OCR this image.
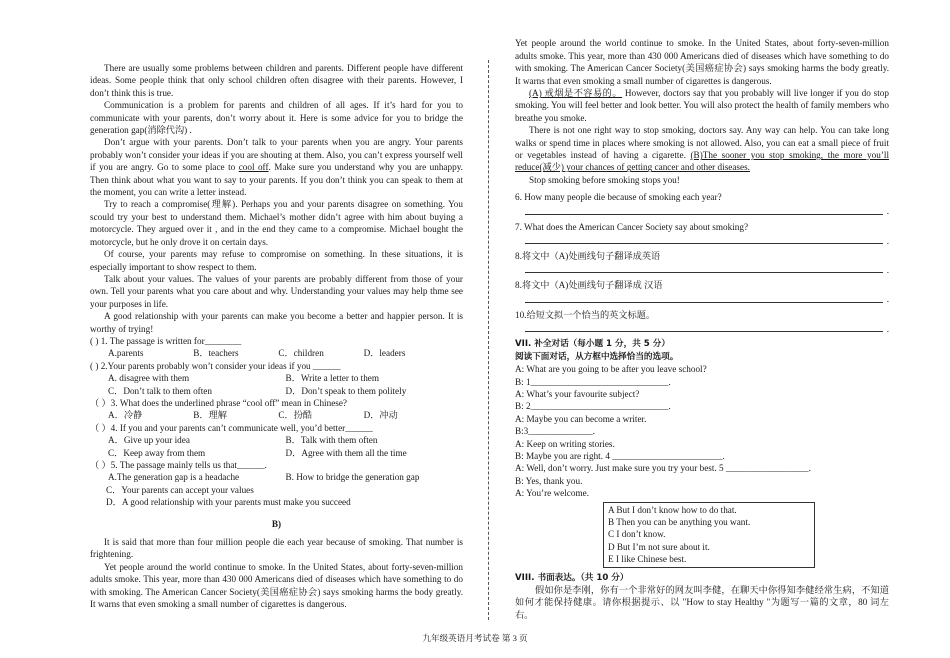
There are usually some problems between children and parents. Different people have different ideas. Some people think that only school children often disagree with their parents. However, I don’t think this is true.

Communication is a problem for parents and children of all ages. If it’s hard for you to communicate with your parents, don’t worry about it. Here is some advice for you to bridge the generation gap(消除代沟) .

Don’t argue with your parents. Don’t talk to your parents when you are angry. Your parents probably won’t consider your ideas if you are shouting at them. Also, you can’t express yourself well if you are angry. Go to some place to cool off. Make sure you understand why you are unhappy. Then think about what you want to say to your parents. If you don’t think you can speak to them at the moment, you can write a letter instead.

Try to reach a compromise(理解). Perhaps you and your parents disagree on something. You scould try your best to understand them. Michael’s mother didn’t agree with him about buying a motorcycle. They argued over it , and in the end they came to a compromise. Michael bought the motorcycle, but he only drove it on certain days.

Of course, your parents may refuse to compromise on something. In these situations, it is especially important to show respect to them.

Talk about your values. The values of your parents are probably different from those of your own. Tell your parents what you care about and why. Understanding your values may help thme see your purposes in life.

A good relationship with your parents can make you become a better and happier person. It is worthy of trying!

( ) 1. The passage is written for________

A.parents	B．teachers	C．children	D．leaders

( ) 2.Your parents probably won’t consider your ideas if you ______

A. disagree with them	B．Write a letter to them
C．Don’t talk to them often	D．Don’t speak to them politely

（ ）3. What does the underlined phrase “cool off” mean in Chinese?

A．冷静	B．理解	C．扮酷	D．冲动

（ ）4. If you and your parents can’t communicate well, you’d better______

A．Give up your idea	B．Talk with them often
C．Keep away from them	D．Agree with them all the time

（ ）5. The passage mainly tells us that______.

A.The generation gap is a headache	B. How to bridge the generation gap
C．Your parents can accept your values
D．A good relationship with your parents must make you succeed
B)

It is said that more than four million people die each year because of smoking. That number is frightening.

Yet people around the world continue to smoke. In the United States, about forty-seven-million adults smoke. This year, more than 430 000 Americans died of diseases which have something to do with smoking. The American Cancer Society(美国癌症协会) says smoking harms the body greatly. It warns that even smoking a small number of cigarettes is dangerous.

Yet people around the world continue to smoke. In the United States, about forty-seven-million adults smoke. This year, more than 430 000 Americans died of diseases which have something to do with smoking. The American Cancer Society(美国癌症协会) says smoking harms the body greatly. It warns that even smoking a small number of cigarettes is dangerous.

(A) 戒烟是不容易的。 However, doctors say that you probably will live longer if you do stop smoking. You will feel better and look better. You will also protect the health of family members who breathe you smoke.

There is not one right way to stop smoking, doctors say. Any way can help. You can take long walks or spend time in places where smoking is not allowed. Also, you can eat a small piece of fruit or vegetables instead of having a cigarette. (B)The sooner you stop smoking, the more you’ll reduce(减少) your chances of getting cancer and other diseases.

Stop smoking before smoking stops you!

6. How many people die because of smoking each year?

.

7. What does the American Cancer Society say about smoking?

.

8.将文中（A)处画线句子翻译成英语

.

8.将文中（A)处画线句子翻译成 汉语

.

10.给短文拟一个恰当的英文标题。

.

VII. 补全对话（每小题 1 分，共 5 分）

阅读下面对话，从方框中选择恰当的选项。

A: What are you going to be after you leave school?

B: 1______________________________.

A: What’s your favourite subject?

B: 2______________________________.

A: Maybe you can become a writer.

B:3______________.

A: Keep on writing stories.

B: Maybe you are right. 4 ________________________.

A: Well, don’t worry. Just make sure you try your best. 5 __________________.

B: Yes, thank you.

A: You’re welcome.

A But I don’t know how to do that.

B Then you can be anything you want.

C I don’t know.

D But I’m not sure about it.

E I like Chinese best.

VIII. 书面表达。（共 10 分）

假如你是李刚，你有一个非常好的网友叫李健，在聊天中你得知李健经常生病，不知道如何才能保持健康。请你根据提示、以 "How to stay Healthy "为题写一篇的文章，80 词左右。

九年级英语月考试卷 第 3 页
